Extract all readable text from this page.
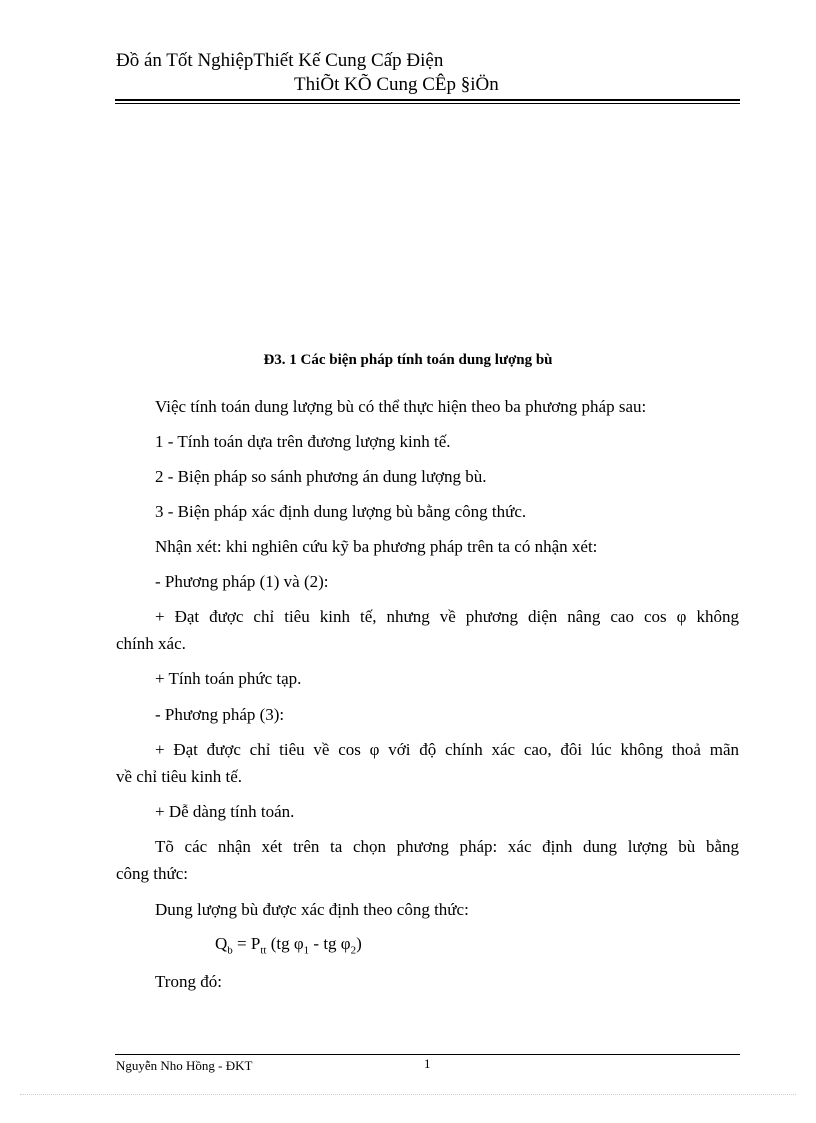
Đồ án Tốt NghiệpThiết Kế Cung Cấp Điện
ThiÕt KÕ Cung CÊp §iÖn
Đ3. 1 Các biện pháp tính toán dung lượng bù
Việc tính toán dung lượng bù có thể thực hiện theo ba phương pháp sau:
1 - Tính toán dựa trên đương lượng kinh tế.
2 - Biện pháp so sánh phương án dung lượng bù.
3 - Biện pháp xác định dung lượng bù bằng công thức.
Nhận xét: khi nghiên cứu kỹ ba phương pháp trên ta có nhận xét:
- Phương pháp (1) và (2):
+ Đạt được chỉ tiêu kinh tế, nhưng về phương diện nâng cao cos φ không
chính xác.
+ Tính toán phức tạp.
- Phương pháp (3):
+ Đạt được chỉ tiêu về cos φ với độ chính xác cao, đôi lúc không thoả mãn
về chỉ tiêu kinh tế.
+ Dễ dàng tính toán.
Tõ các nhận xét trên ta chọn phương pháp: xác định dung lượng bù bằng
công thức:
Dung lượng bù được xác định theo công thức:
$Q_b = P_{tt}$ (tg $\varphi_1$ - tg $\varphi_2$)
Trong đó:
Nguyễn Nho Hồng - ĐKT	1
